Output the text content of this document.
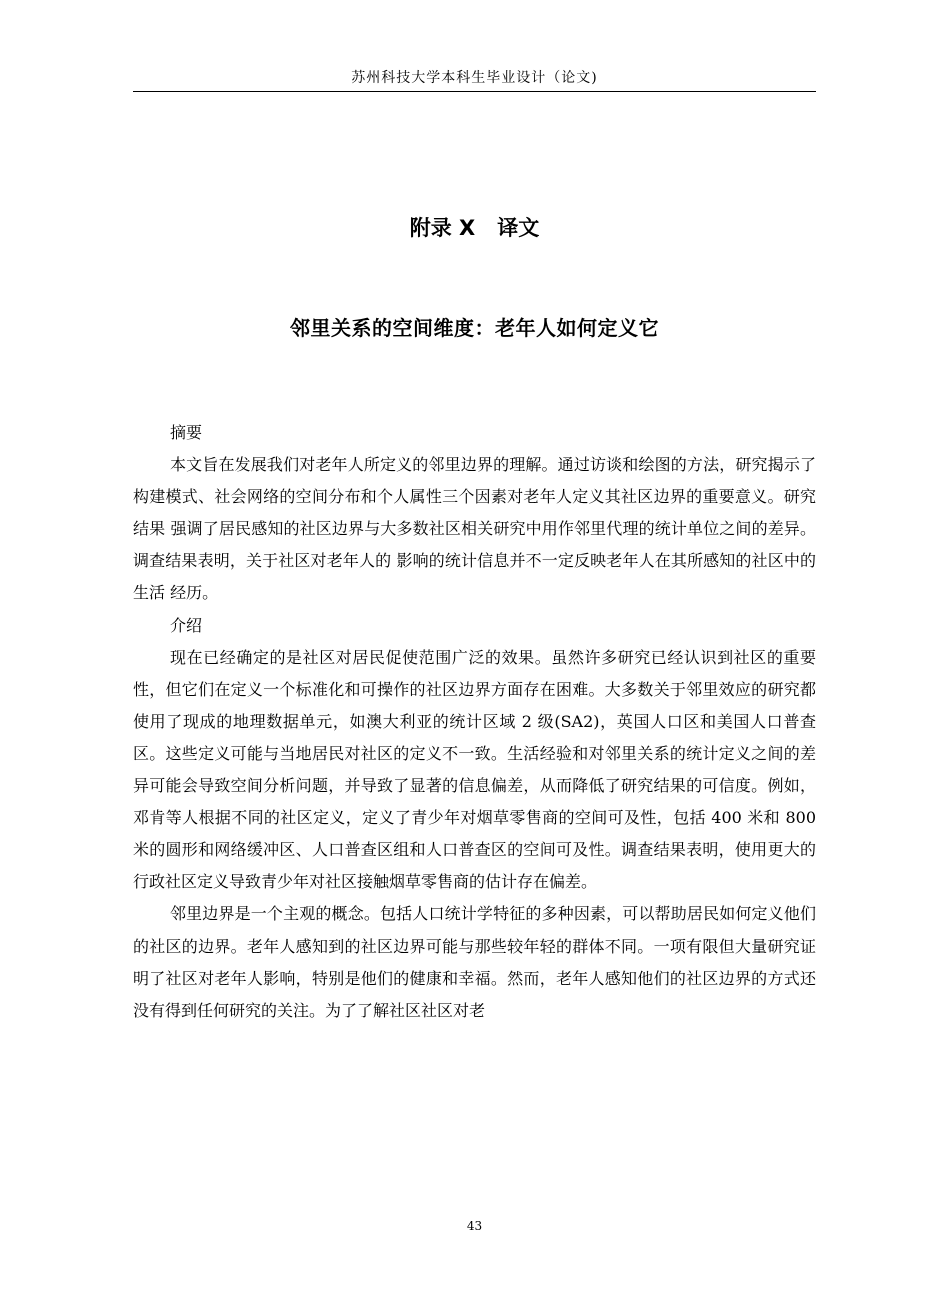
苏州科技大学本科生毕业设计（论文)
附录 X 译文
邻里关系的空间维度：老年人如何定义它

摘要

本文旨在发展我们对老年人所定义的邻里边界的理解。通过访谈和绘图的方法，研究揭示了构建模式、社会网络的空间分布和个人属性三个因素对老年人定义其社区边界的重要意义。研究结果 强调了居民感知的社区边界与大多数社区相关研究中用作邻里代理的统计单位之间的差异。调查结果表明，关于社区对老年人的 影响的统计信息并不一定反映老年人在其所感知的社区中的生活 经历。

介绍

现在已经确定的是社区对居民促使范围广泛的效果。虽然许多研究已经认识到社区的重要性，但它们在定义一个标准化和可操作的社区边界方面存在困难。大多数关于邻里效应的研究都使用了现成的地理数据单元，如澳大利亚的统计区域 2 级(SA2)，英国人口区和美国人口普查区。这些定义可能与当地居民对社区的定义不一致。生活经验和对邻里关系的统计定义之间的差异可能会导致空间分析问题，并导致了显著的信息偏差，从而降低了研究结果的可信度。例如，邓肯等人根据不同的社区定义，定义了青少年对烟草零售商的空间可及性，包括 400 米和 800 米的圆形和网络缓冲区、人口普查区组和人口普查区的空间可及性。调查结果表明，使用更大的行政社区定义导致青少年对社区接触烟草零售商的估计存在偏差。

邻里边界是一个主观的概念。包括人口统计学特征的多种因素，可以帮助居民如何定义他们的社区的边界。老年人感知到的社区边界可能与那些较年轻的群体不同。一项有限但大量研究证明了社区对老年人影响，特别是他们的健康和幸福。然而，老年人感知他们的社区边界的方式还没有得到任何研究的关注。为了了解社区社区对老

43
